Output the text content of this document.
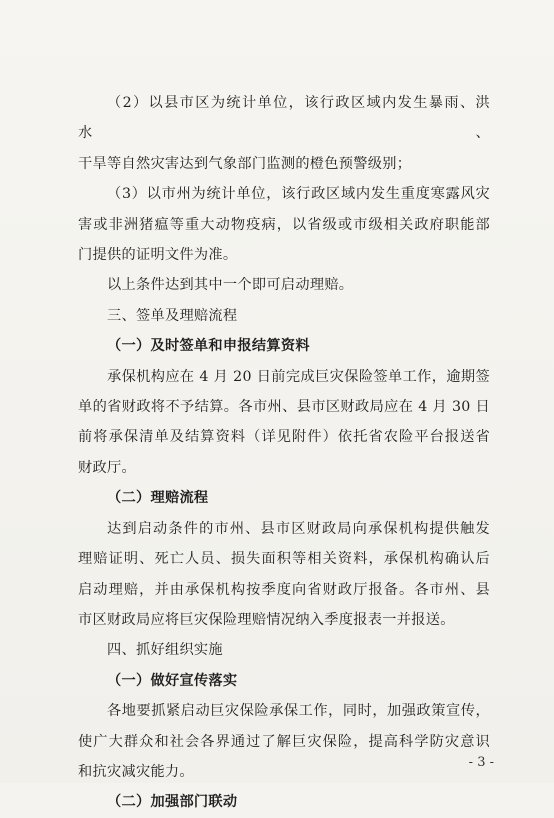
（2）以县市区为统计单位，该行政区域内发生暴雨、洪水、

干旱等自然灾害达到气象部门监测的橙色预警级别；

（3）以市州为统计单位，该行政区域内发生重度寒露风灾

害或非洲猪瘟等重大动物疫病，以省级或市级相关政府职能部

门提供的证明文件为准。

以上条件达到其中一个即可启动理赔。

三、签单及理赔流程

（一）及时签单和申报结算资料

承保机构应在 4 月 20 日前完成巨灾保险签单工作，逾期签

单的省财政将不予结算。各市州、县市区财政局应在 4 月 30 日

前将承保清单及结算资料（详见附件）依托省农险平台报送省

财政厅。

（二）理赔流程

达到启动条件的市州、县市区财政局向承保机构提供触发

理赔证明、死亡人员、损失面积等相关资料，承保机构确认后

启动理赔，并由承保机构按季度向省财政厅报备。各市州、县

市区财政局应将巨灾保险理赔情况纳入季度报表一并报送。

四、抓好组织实施

（一）做好宣传落实

各地要抓紧启动巨灾保险承保工作，同时，加强政策宣传，

使广大群众和社会各界通过了解巨灾保险，提高科学防灾意识

和抗灾减灾能力。

（二）加强部门联动

- 3 -
